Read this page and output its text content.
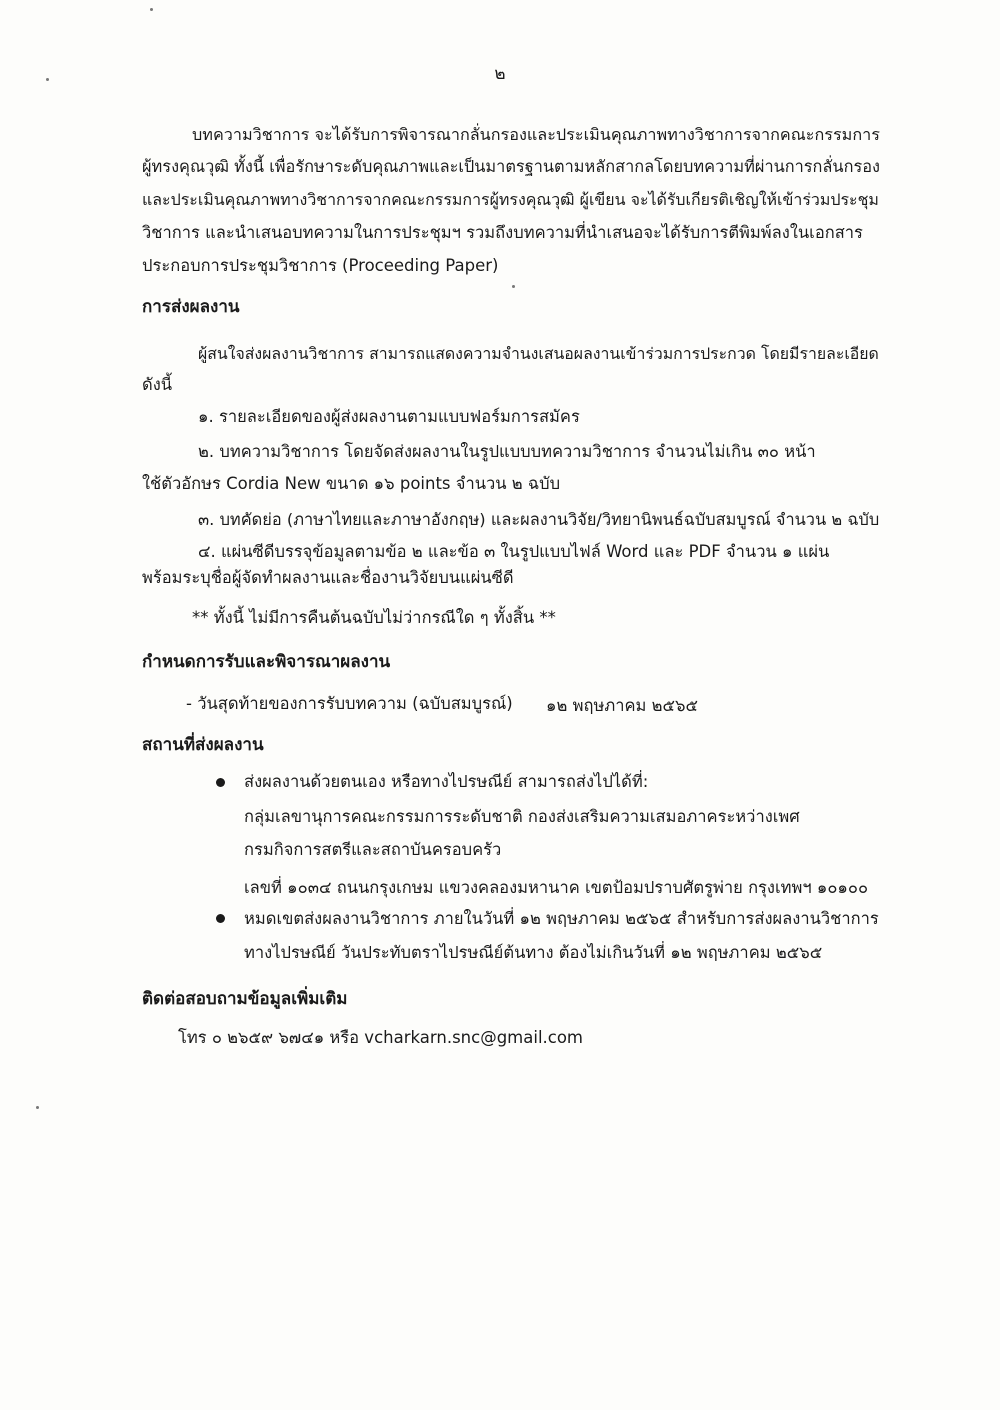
๒
บทความวิชาการ จะได้รับการพิจารณากลั่นกรองและประเมินคุณภาพทางวิชาการจากคณะกรรมการ
ผู้ทรงคุณวุฒิ ทั้งนี้ เพื่อรักษาระดับคุณภาพและเป็นมาตรฐานตามหลักสากลโดยบทความที่ผ่านการกลั่นกรอง
และประเมินคุณภาพทางวิชาการจากคณะกรรมการผู้ทรงคุณวุฒิ ผู้เขียน จะได้รับเกียรติเชิญให้เข้าร่วมประชุม
วิชาการ และนำเสนอบทความในการประชุมฯ รวมถึงบทความที่นำเสนอจะได้รับการตีพิมพ์ลงในเอกสาร
ประกอบการประชุมวิชาการ (Proceeding Paper)
การส่งผลงาน
ผู้สนใจส่งผลงานวิชาการ สามารถแสดงความจำนงเสนอผลงานเข้าร่วมการประกวด โดยมีรายละเอียด
ดังนี้
๑. รายละเอียดของผู้ส่งผลงานตามแบบฟอร์มการสมัคร
๒. บทความวิชาการ โดยจัดส่งผลงานในรูปแบบบทความวิชาการ จำนวนไม่เกิน ๓๐ หน้า
ใช้ตัวอักษร Cordia New ขนาด ๑๖ points จำนวน ๒ ฉบับ
๓. บทคัดย่อ (ภาษาไทยและภาษาอังกฤษ) และผลงานวิจัย/วิทยานิพนธ์ฉบับสมบูรณ์ จำนวน ๒ ฉบับ
๔. แผ่นซีดีบรรจุข้อมูลตามข้อ ๒ และข้อ ๓ ในรูปแบบไฟล์ Word และ PDF จำนวน ๑ แผ่น
พร้อมระบุชื่อผู้จัดทำผลงานและชื่องานวิจัยบนแผ่นซีดี
** ทั้งนี้ ไม่มีการคืนต้นฉบับไม่ว่ากรณีใด ๆ ทั้งสิ้น **
กำหนดการรับและพิจารณาผลงาน
- วันสุดท้ายของการรับบทความ (ฉบับสมบูรณ์) ๑๒ พฤษภาคม ๒๕๖๕
สถานที่ส่งผลงาน
ส่งผลงานด้วยตนเอง หรือทางไปรษณีย์ สามารถส่งไปได้ที่:
กลุ่มเลขานุการคณะกรรมการระดับชาติ กองส่งเสริมความเสมอภาคระหว่างเพศ
กรมกิจการสตรีและสถาบันครอบครัว
เลขที่ ๑๐๓๔ ถนนกรุงเกษม แขวงคลองมหานาค เขตป้อมปราบศัตรูพ่าย กรุงเทพฯ ๑๐๑๐๐
หมดเขตส่งผลงานวิชาการ ภายในวันที่ ๑๒ พฤษภาคม ๒๕๖๕ สำหรับการส่งผลงานวิชาการ
ทางไปรษณีย์ วันประทับตราไปรษณีย์ต้นทาง ต้องไม่เกินวันที่ ๑๒ พฤษภาคม ๒๕๖๕
ติดต่อสอบถามข้อมูลเพิ่มเติม
โทร ๐ ๒๖๕๙ ๖๗๔๑ หรือ vcharkarn.snc@gmail.com
